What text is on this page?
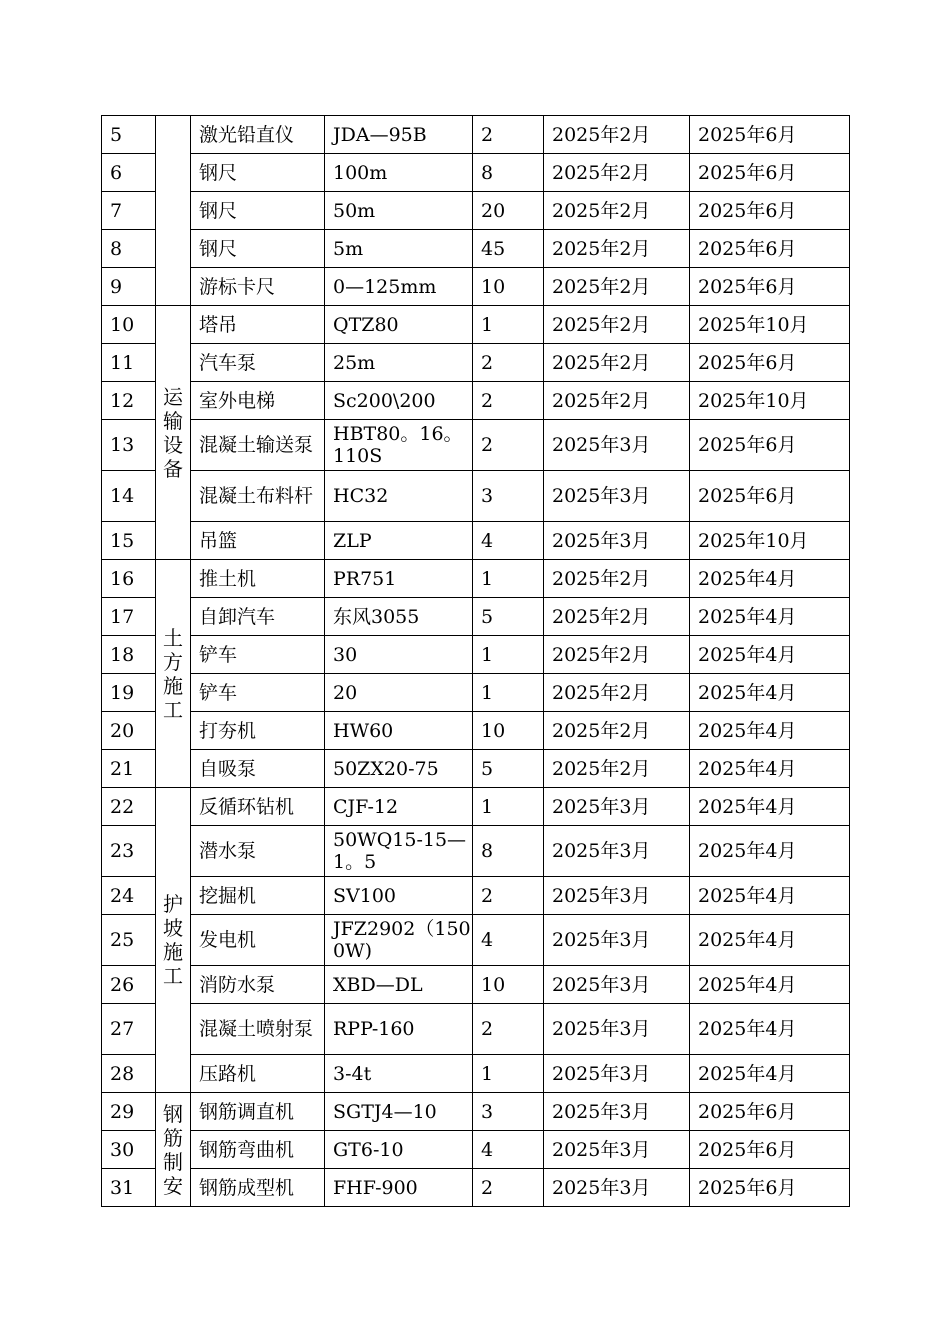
5		激光铅直仪	JDA—95B	2	2025年2月	2025年6月
6		钢尺	100m	8	2025年2月	2025年6月
7		钢尺	50m	20	2025年2月	2025年6月
8		钢尺	5m	45	2025年2月	2025年6月
9		游标卡尺	0—125mm	10	2025年2月	2025年6月
10	运输设备	塔吊	QTZ80	1	2025年2月	2025年10月
11		汽车泵	25m	2	2025年2月	2025年6月
12		室外电梯	Sc200\200	2	2025年2月	2025年10月
13		混凝土输送泵	HBT80。16。110S	2	2025年3月	2025年6月
14		混凝土布料杆	HC32	3	2025年3月	2025年6月
15		吊篮	ZLP	4	2025年3月	2025年10月
16	土方施工	推土机	PR751	1	2025年2月	2025年4月
17		自卸汽车	东风3055	5	2025年2月	2025年4月
18		铲车	30	1	2025年2月	2025年4月
19		铲车	20	1	2025年2月	2025年4月
20		打夯机	HW60	10	2025年2月	2025年4月
21		自吸泵	50ZX20-75	5	2025年2月	2025年4月
22	护坡施工	反循环钻机	CJF-12	1	2025年3月	2025年4月
23		潜水泵	50WQ15-15—1。5	8	2025年3月	2025年4月
24		挖掘机	SV100	2	2025年3月	2025年4月
25		发电机	JFZ2902（1500W)	4	2025年3月	2025年4月
26		消防水泵	XBD—DL	10	2025年3月	2025年4月
27		混凝土喷射泵	RPP-160	2	2025年3月	2025年4月
28		压路机	3-4t	1	2025年3月	2025年4月
29	钢筋制安	钢筋调直机	SGTJ4—10	3	2025年3月	2025年6月
30		钢筋弯曲机	GT6-10	4	2025年3月	2025年6月
31		钢筋成型机	FHF-900	2	2025年3月	2025年6月
